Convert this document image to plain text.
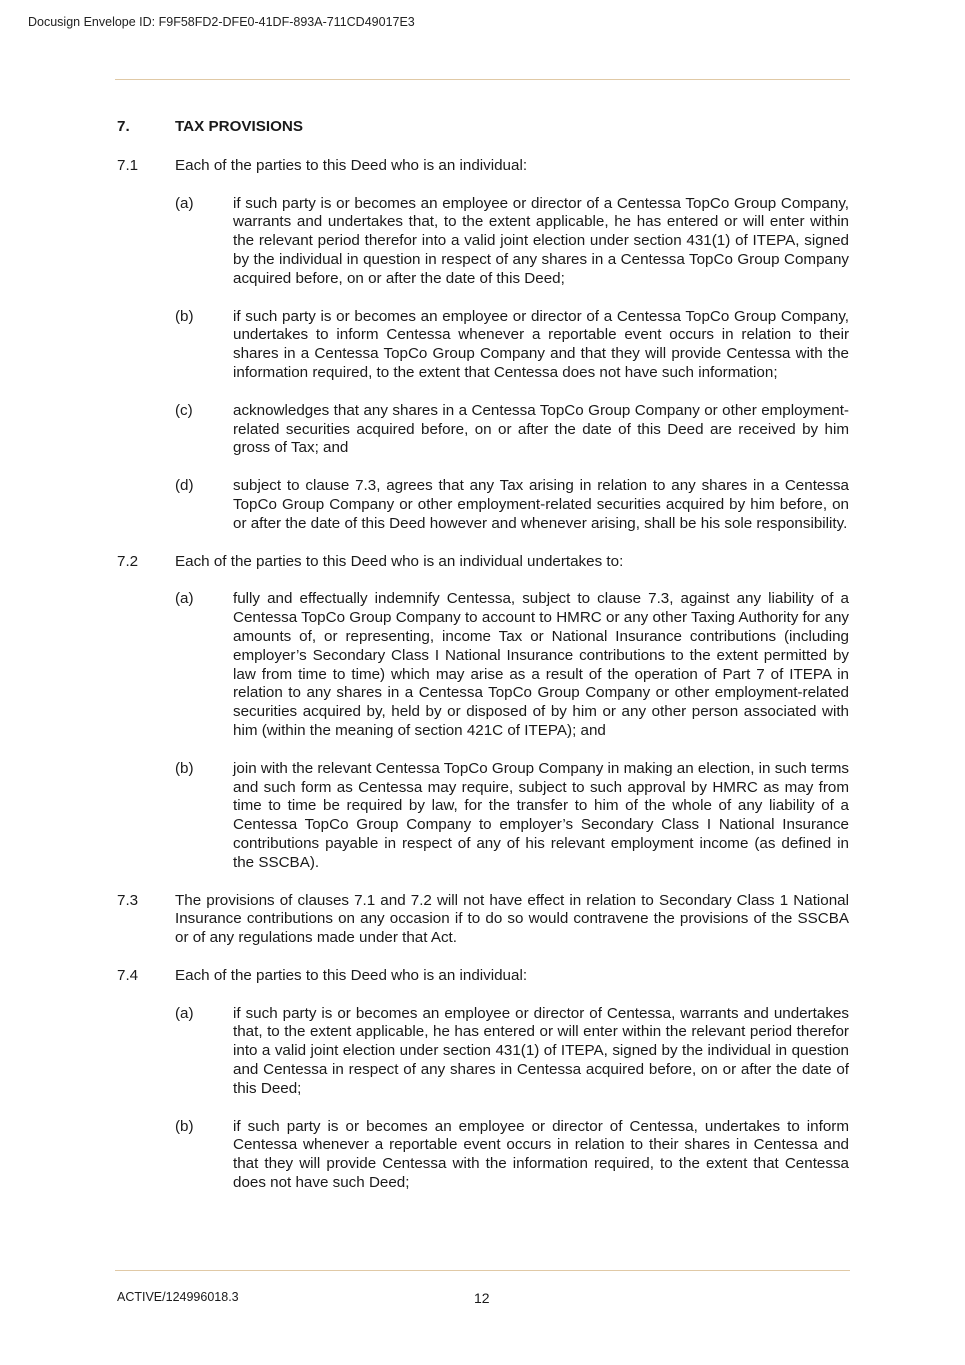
Docusign Envelope ID: F9F58FD2-DFE0-41DF-893A-711CD49017E3
7.	TAX PROVISIONS
7.1	Each of the parties to this Deed who is an individual:
(a)	if such party is or becomes an employee or director of a Centessa TopCo Group Company, warrants and undertakes that, to the extent applicable, he has entered or will enter within the relevant period therefor into a valid joint election under section 431(1) of ITEPA, signed by the individual in question in respect of any shares in a Centessa TopCo Group Company acquired before, on or after the date of this Deed;
(b)	if such party is or becomes an employee or director of a Centessa TopCo Group Company, undertakes to inform Centessa whenever a reportable event occurs in relation to their shares in a Centessa TopCo Group Company and that they will provide Centessa with the information required, to the extent that Centessa does not have such information;
(c)	acknowledges that any shares in a Centessa TopCo Group Company or other employment-related securities acquired before, on or after the date of this Deed are received by him gross of Tax; and
(d)	subject to clause 7.3, agrees that any Tax arising in relation to any shares in a Centessa TopCo Group Company or other employment-related securities acquired by him before, on or after the date of this Deed however and whenever arising, shall be his sole responsibility.
7.2	Each of the parties to this Deed who is an individual undertakes to:
(a)	fully and effectually indemnify Centessa, subject to clause 7.3, against any liability of a Centessa TopCo Group Company to account to HMRC or any other Taxing Authority for any amounts of, or representing, income Tax or National Insurance contributions (including employer’s Secondary Class I National Insurance contributions to the extent permitted by law from time to time) which may arise as a result of the operation of Part 7 of ITEPA in relation to any shares in a Centessa TopCo Group Company or other employment-related securities acquired by, held by or disposed of by him or any other person associated with him (within the meaning of section 421C of ITEPA); and
(b)	join with the relevant Centessa TopCo Group Company in making an election, in such terms and such form as Centessa may require, subject to such approval by HMRC as may from time to time be required by law, for the transfer to him of the whole of any liability of a Centessa TopCo Group Company to employer’s Secondary Class I National Insurance contributions payable in respect of any of his relevant employment income (as defined in the SSCBA).
7.3	The provisions of clauses 7.1 and 7.2 will not have effect in relation to Secondary Class 1 National Insurance contributions on any occasion if to do so would contravene the provisions of the SSCBA or of any regulations made under that Act.
7.4	Each of the parties to this Deed who is an individual:
(a)	if such party is or becomes an employee or director of Centessa, warrants and undertakes that, to the extent applicable, he has entered or will enter within the relevant period therefor into a valid joint election under section 431(1) of ITEPA, signed by the individual in question and Centessa in respect of any shares in Centessa acquired before, on or after the date of this Deed;
(b)	if such party is or becomes an employee or director of Centessa, undertakes to inform Centessa whenever a reportable event occurs in relation to their shares in Centessa and that they will provide Centessa with the information required, to the extent that Centessa does not have such Deed;
ACTIVE/124996018.3	12
